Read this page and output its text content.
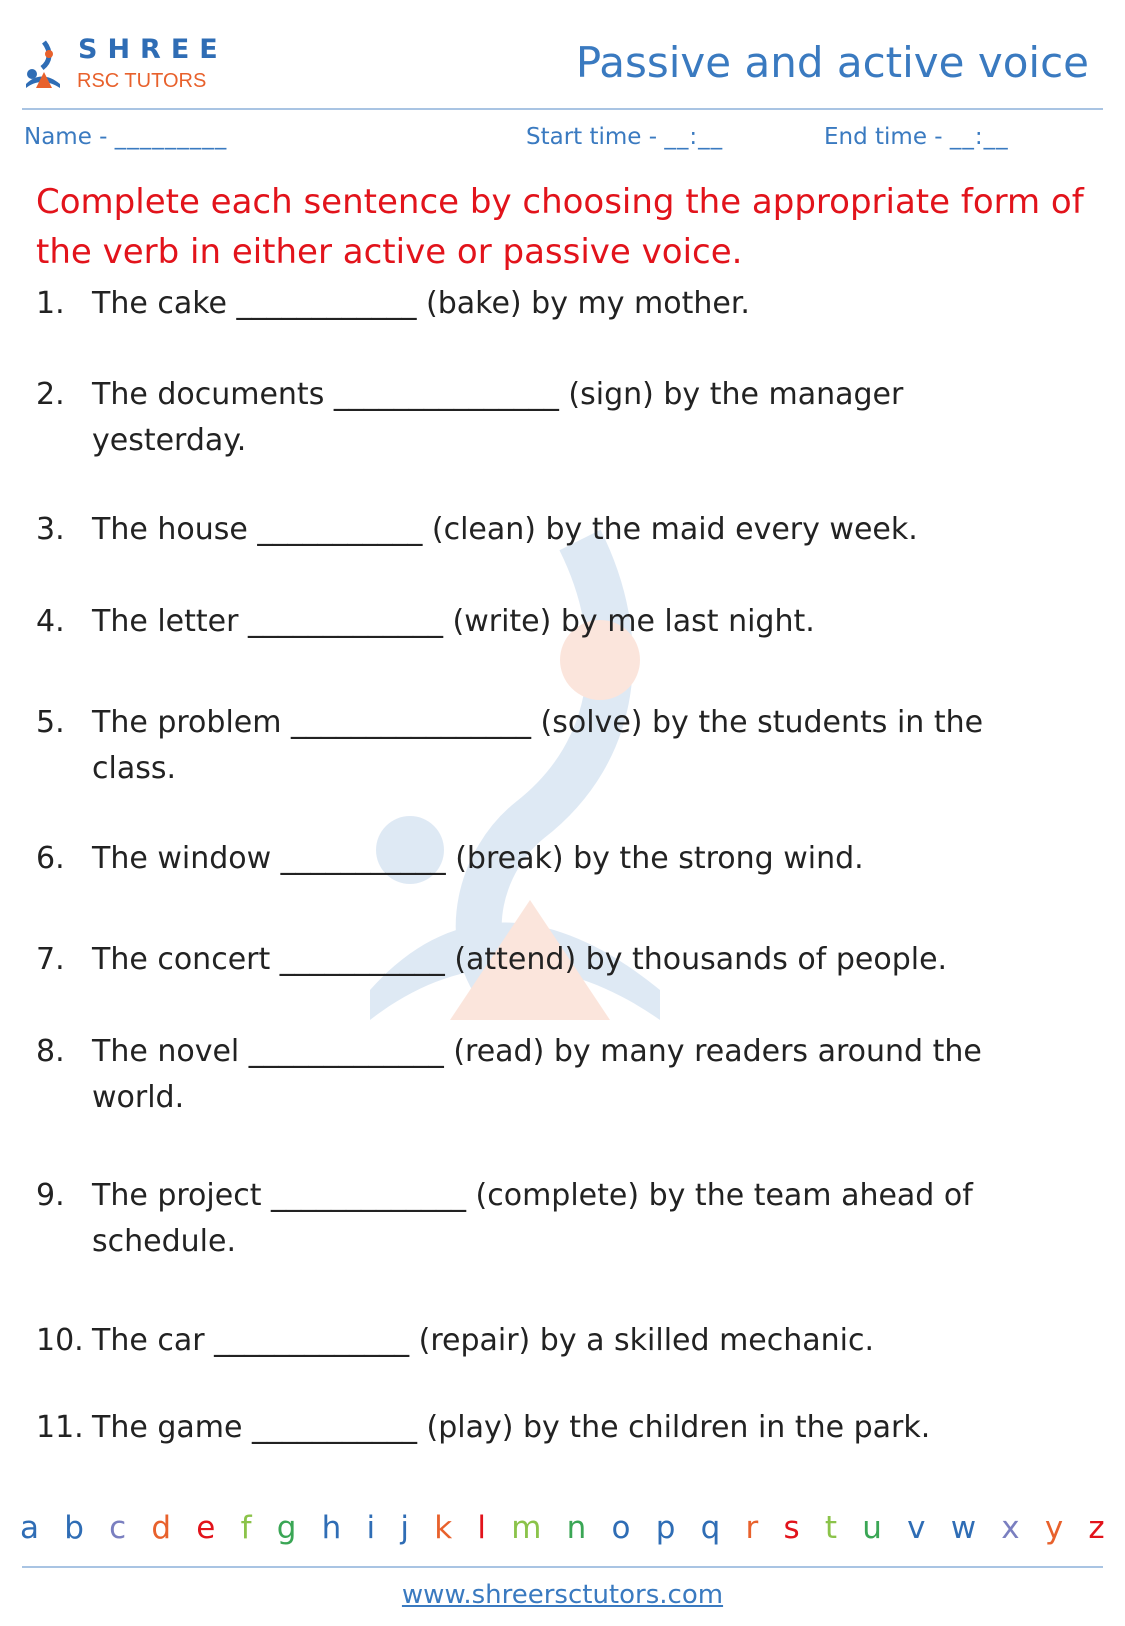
SHREE
RSC TUTORS	Passive and active voice
Name - _________	Start time - __:__	End time - __:__
Complete each sentence by choosing the appropriate form of
the verb in either active or passive voice.
1. The cake ____________ (bake) by my mother.
2. The documents _______________ (sign) by the manager
yesterday.
3. The house ___________ (clean) by the maid every week.
4. The letter _____________ (write) by me last night.
5. The problem ________________ (solve) by the students in the
class.
6. The window ___________ (break) by the strong wind.
7. The concert ___________ (attend) by thousands of people.
8. The novel _____________ (read) by many readers around the
world.
9. The project _____________ (complete) by the team ahead of
schedule.
10. The car _____________ (repair) by a skilled mechanic.
11. The game ___________ (play) by the children in the park.
a b c d e f g h i j k l m n o p q r s t u v w x y z
www.shreersctutors.com
